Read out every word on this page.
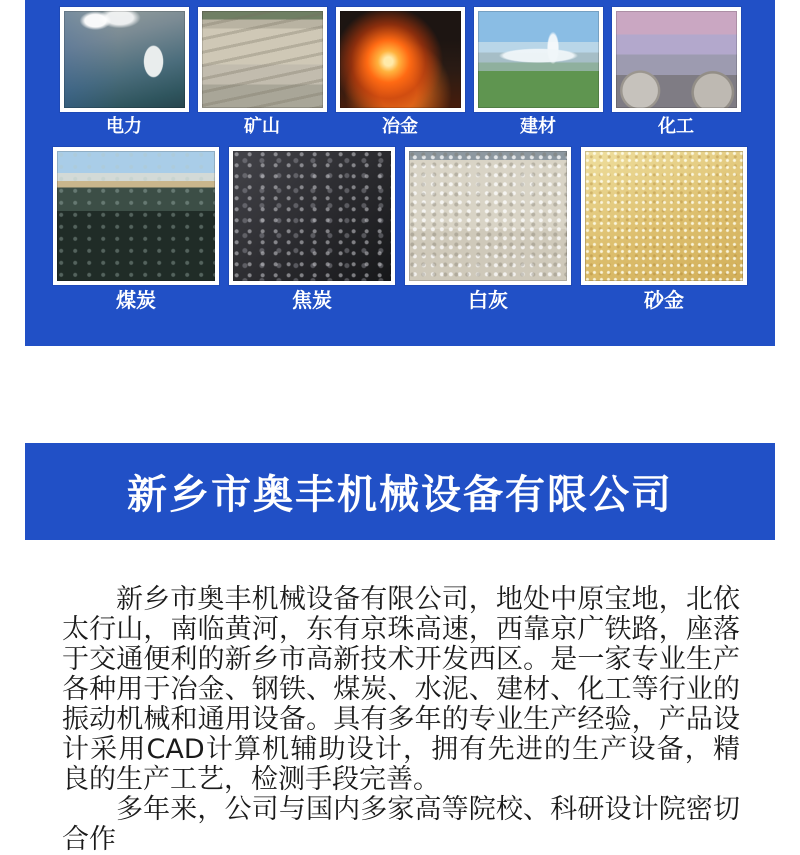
电力	矿山	冶金	建材	化工
煤炭	焦炭	白灰	砂金
新乡市奥丰机械设备有限公司

新乡市奥丰机械设备有限公司，地处中原宝地，北依太行山，南临黄河，东有京珠高速，西靠京广铁路，座落于交通便利的新乡市高新技术开发西区。是一家专业生产各种用于冶金、钢铁、煤炭、水泥、建材、化工等行业的振动机械和通用设备。具有多年的专业生产经验，产品设计采用CAD计算机辅助设计，拥有先进的生产设备，精良的生产工艺，检测手段完善。

多年来，公司与国内多家高等院校、科研设计院密切合作
